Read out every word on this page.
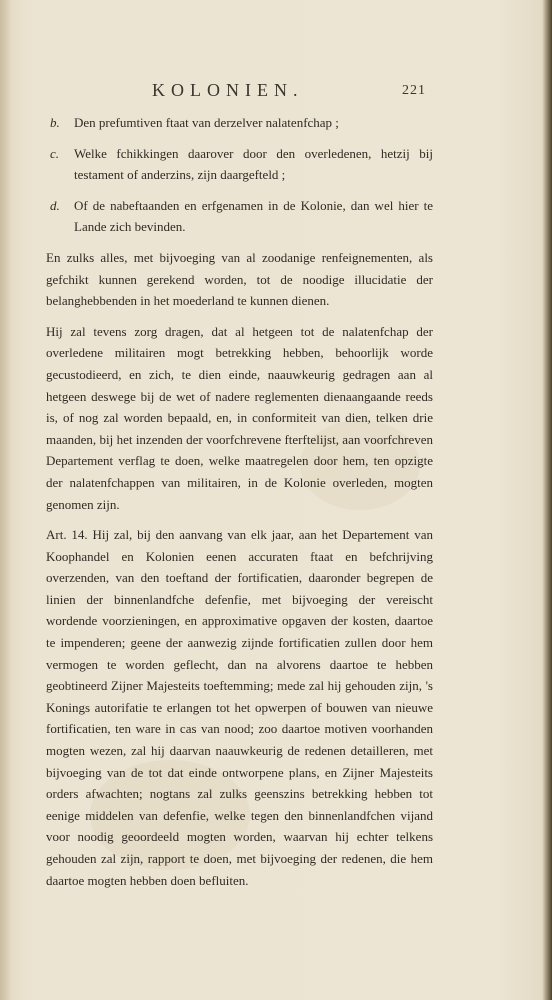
KOLONIEN.	221
b.	Den prefumtiven ftaat van derzelver nalatenfchap ;
c.	Welke fchikkingen daarover door den overledenen, hetzij bij testament of anderzins, zijn daargefteld ;
d.	Of de nabeftaanden en erfgenamen in de Kolonie, dan wel hier te Lande zich bevinden.

En zulks alles, met bijvoeging van al zoodanige renfeignementen, als gefchikt kunnen gerekend worden, tot de noodige illucidatie der belanghebbenden in het moederland te kunnen dienen.

Hij zal tevens zorg dragen, dat al hetgeen tot de nalatenfchap der overledene militairen mogt betrekking hebben, behoorlijk worde gecustodieerd, en zich, te dien einde, naauwkeurig gedragen aan al hetgeen deswege bij de wet of nadere reglementen dienaangaande reeds is, of nog zal worden bepaald, en, in conformiteit van dien, telken drie maanden, bij het inzenden der voorfchrevene fterftelijst, aan voorfchreven Departement verflag te doen, welke maatregelen door hem, ten opzigte der nalatenfchappen van militairen, in de Kolonie overleden, mogten genomen zijn.

Art. 14. Hij zal, bij den aanvang van elk jaar, aan het Departement van Koophandel en Kolonien eenen accuraten ftaat en befchrijving overzenden, van den toeftand der fortificatien, daaronder begrepen de linien der binnenlandfche defenfie, met bijvoeging der vereischt wordende voorzieningen, en approximative opgaven der kosten, daartoe te impenderen; geene der aanwezig zijnde fortificatien zullen door hem vermogen te worden geflecht, dan na alvorens daartoe te hebben geobtineerd Zijner Majesteits toeftemming; mede zal hij gehouden zijn, 's Konings autorifatie te erlangen tot het opwerpen of bouwen van nieuwe fortificatien, ten ware in cas van nood; zoo daartoe motiven voorhanden mogten wezen, zal hij daarvan naauwkeurig de redenen detailleren, met bijvoeging van de tot dat einde ontworpene plans, en Zijner Majesteits orders afwachten; nogtans zal zulks geenszins betrekking hebben tot eenige middelen van defenfie, welke tegen den binnenlandfchen vijand voor noodig geoordeeld mogten worden, waarvan hij echter telkens gehouden zal zijn, rapport te doen, met bijvoeging der redenen, die hem daartoe mogten hebben doen befluiten.
